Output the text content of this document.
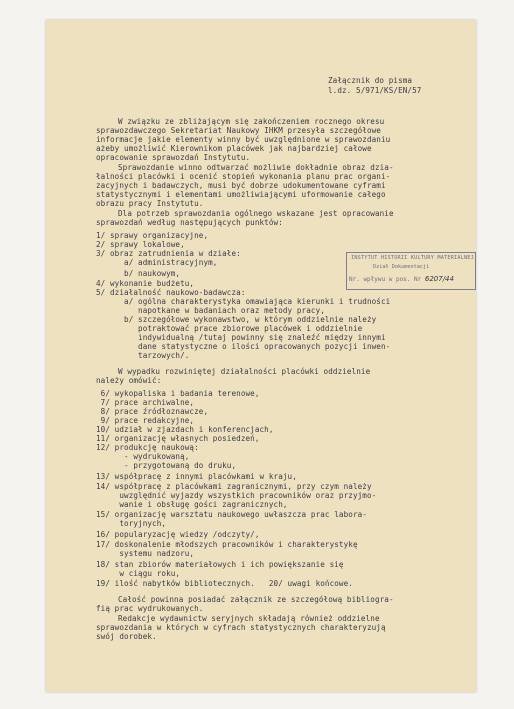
Załącznik do pisma
l.dz. 5/971/KS/EN/57
W związku ze zbliżającym się zakończeniem rocznego okresu
sprawozdawczego Sekretariat Naukowy IHKM przesyła szczegółowe
informacje jakie elementy winny być uwzględnione w sprawozdaniu
ażeby umożliwić Kierownikom placówek jak najbardziej całowe
opracowanie sprawozdań Instytutu.
Sprawozdanie winno odtwarzać możliwie dokładnie obraz dzia-
łalności placówki i ocenić stopień wykonania planu prac organi-
zacyjnych i badawczych, musi być dobrze udokumentowane cyframi
statystycznymi i elementami umożliwiającymi uformowanie całego
obrazu pracy Instytutu.
Dla potrzeb sprawozdania ogólnego wskazane jest opracowanie
sprawozdań według następujących punktów:
1/ sprawy organizacyjne,
2/ sprawy lokalowe,
3/ obraz zatrudnienia w działe:
a/ administracyjnym,
b/ naukowym,
4/ wykonanie budżetu,
5/ działalność naukowo-badawcza:
a/ ogólna charakterystyka omawiająca kierunki i trudności
napotkane w badaniach oraz metody pracy,
b/ szczegółowe wykonawstwo, w którym oddzielnie należy
potraktować prace zbiorowe placówek i oddzielnie
indywidualną /tutaj powinny się znaleźć między innymi
dane statystyczne o ilości opracowanych pozycji inwen-
tarzowych/.
W wypadku rozwiniętej działalności placówki oddzielnie
należy omówić:
6/ wykopaliska i badania terenowe,
7/ prace archiwalne,
8/ prace źródłoznawcze,
9/ prace redakcyjne,
10/ udział w zjazdach i konferencjach,
11/ organizację własnych posiedzeń,
12/ produkcję naukową:
- wydrukowaną,
- przygotowaną do druku,
13/ współpracę z innymi placówkami w kraju,
14/ współpracę z placówkami zagranicznymi, przy czym należy
uwzględnić wyjazdy wszystkich pracowników oraz przyjmo-
wanie i obsługę gości zagranicznych,
15/ organizację warsztatu naukowego uwłaszcza prac labora-
toryjnych,
16/ popularyzację wiedzy /odczyty/,
17/ doskonalenie młodszych pracowników i charakterystykę
systemu nadzoru,
18/ stan zbiorów materiałowych i ich powiększanie się
w ciągu roku,
19/ ilość nabytków bibliotecznych.   20/ uwagi końcowe.
Całość powinna posiadać załącznik ze szczegółową bibliogra-
fią prac wydrukowanych.
Redakcje wydawnictw seryjnych składają również oddzielne
sprawozdania w których w cyfrach statystycznych charakteryzują
swój dorobek.
INSTYTUT HISTORII KULTURY MATERIALNEJ
Dział Dokumentacji
Nr. wpływu w pos. Nr 6207/44
